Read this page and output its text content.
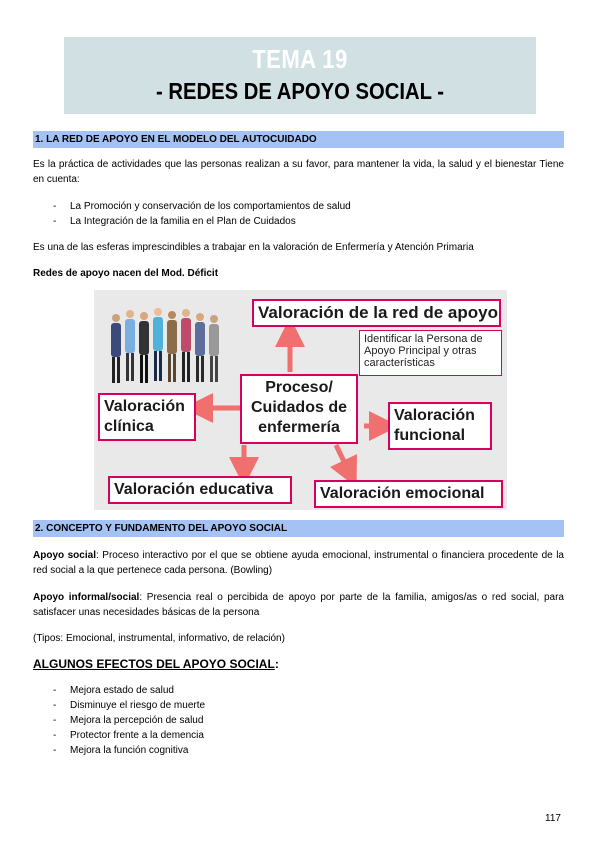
TEMA 19
- REDES DE APOYO SOCIAL -
1. LA RED DE APOYO EN EL MODELO DEL AUTOCUIDADO
Es la práctica de actividades que las personas realizan a su favor, para mantener la vida, la salud y el bienestar Tiene en cuenta:
- La Promoción y conservación de los comportamientos de salud
- La Integración de la familia en el Plan de Cuidados
Es una de las esferas imprescindibles a trabajar en la valoración de Enfermería y Atención Primaria
Redes de apoyo nacen del Mod. Déficit
Valoración de la red de apoyo
Identificar la Persona de Apoyo Principal y otras características
Proceso/ Cuidados de enfermería
Valoración clínica
Valoración funcional
Valoración educativa	Valoración emocional
2. CONCEPTO Y FUNDAMENTO DEL APOYO SOCIAL
Apoyo social: Proceso interactivo por el que se obtiene ayuda emocional, instrumental o financiera procedente de la red social a la que pertenece cada persona. (Bowling)
Apoyo informal/social: Presencia real o percibida de apoyo por parte de la familia, amigos/as o red social, para satisfacer unas necesidades básicas de la persona
(Tipos: Emocional, instrumental, informativo, de relación)
ALGUNOS EFECTOS DEL APOYO SOCIAL:
- Mejora estado de salud
- Disminuye el riesgo de muerte
- Mejora la percepción de salud
- Protector frente a la demencia
- Mejora la función cognitiva
117
